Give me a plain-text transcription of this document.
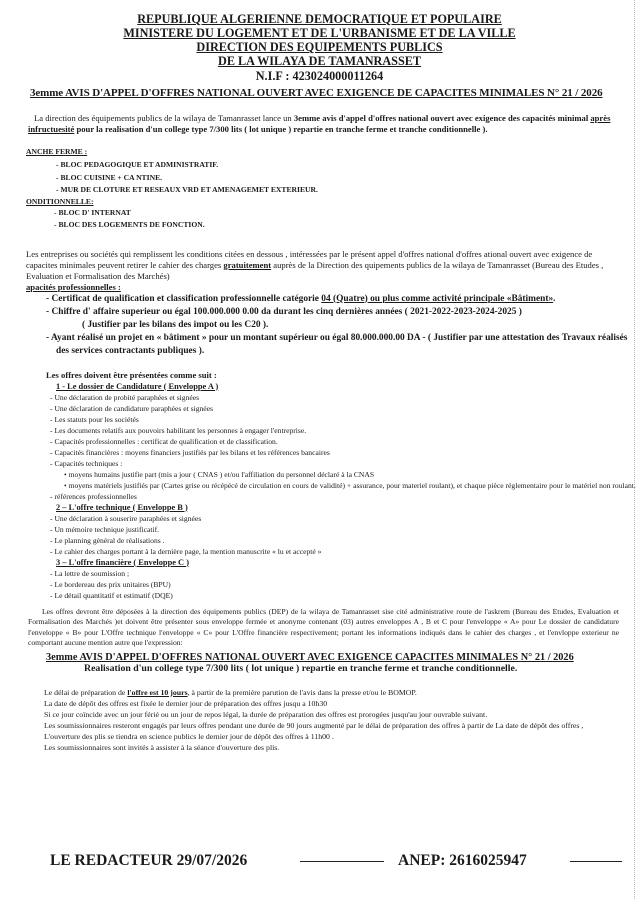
REPUBLIQUE ALGERIENNE DEMOCRATIQUE ET POPULAIRE
MINISTERE DU LOGEMENT ET DE L'URBANISME ET DE LA VILLE
DIRECTION DES EQUIPEMENTS PUBLICS
DE LA WILAYA DE TAMANRASSET
N.I.F : 423024000011264
3emme AVIS D'APPEL D'OFFRES NATIONAL OUVERT AVEC EXIGENCE DE CAPACITES MINIMALES N° 21 / 2026
La direction des équipements publics de la wilaya de Tamanrasset lance un 3emme avis d'appel d'offres national ouvert avec exigence des capacités minimal après infructuesité pour la realisation d'un college type 7/300 lits ( lot unique ) repartie en tranche ferme et tranche conditionnelle ).
ANCHE FERME :
- BLOC PEDAGOGIQUE ET ADMINISTRATIF.
- BLOC CUISINE + CA NTINE.
- MUR DE CLOTURE ET RESEAUX VRD ET AMENAGEMET EXTERIEUR.
ONDITIONNELLE:
- BLOC D' INTERNAT
- BLOC DES LOGEMENTS DE FONCTION.
Les entreprises ou sociétés qui remplissent les conditions citées en dessous , intéressées par le présent appel d'offres national d'offres ational ouvert avec exigence de capacites minimales peuvent retirer le cahier des charges gratuitement auprès de la Direction des quipements publics de la wilaya de Tamanrasset (Bureau des Etudes , Evaluation et Formalisation des Marchés)
apacités professionnelles :
- Certificat de qualification et classification professionnelle catégorie 04 (Quatre) ou plus comme activité principale «Bâtiment».
- Chiffre d' affaire superieur ou égal 100.000.000 0.00 da durant les cinq dernières années ( 2021-2022-2023-2024-2025 )
( Justifier par les bilans des impot ou les C20 ).
- Ayant réalisé un projet en « bâtiment » pour un montant supérieur ou égal 80.000.000.00 DA - ( Justifier par une attestation des Travaux réalisés des services contractants publiques ).
Les offres doivent être présentées comme suit :
1 - Le dossier de Candidature ( Enveloppe A )
- Une déclaration de probité paraphées et signées
- Une déclaration de candidature paraphées et signées
- Les statuts pour les sociétés
- Les documents relatifs aux pouvoirs habilitant les personnes à engager l'entreprise.
- Capacités professionnelles : certificat de qualification et de classification.
- Capacités financières : moyens financiers justifiés par les bilans et les références bancaires
- Capacités techniques :
• moyens humains justifie part (mis a jour ( CNAS ) et/ou l'affiliation du personnel déclaré à la CNAS
• moyens matériels justifiés par (Cartes grise ou récépécé de circulation en cours de validité) + assurance, pour materiel roulant), et chaque pièce réglementaire pour le matériel non roulant.
- références professionnelles
2 – L'offre technique ( Enveloppe B )
- Une déclaration à souserire paraphées et signées
- Un mémoire technique justificatif.
- Le planning général de réalisations .
- Le cahier des charges portant à la dernière page, la mention manuscrite « lu et accepté »
3 – L'offre financière ( Enveloppe C )
- La lettre de soumission ;
- Le bordereau des prix unitaires (BPU)
- Le détail quantitatif et estimatif (DQE)
Les offres devront être déposées à la direction des équipements publics (DEP) de la wilaya de Tamanrasset sise cité administrative route de l'askrem (Bureau des Etudes, Evaluation et Formalisation des Marchés )et doivent être présenter sous enveloppe fermée et anonyme contenant (03) autres enveloppes A , B et C pour l'enveloppe « A» pour Le dossier de candidature l'enveloppe « B» pour L'Offre technique l'enveloppe « C» pour L'Offre financière respectivement; portant les informations indiqués dans le cahier des charges , et l'envloppe exterieur ne comportant aucune mention autre que l'expression:
3emme AVIS D'APPEL D'OFFRES NATIONAL OUVERT AVEC EXIGENCE CAPACITES MINIMALES N° 21 / 2026
Realisation d'un college type 7/300 lits ( lot unique ) repartie en tranche ferme et tranche conditionnelle.

Le délai de préparation de l'offre est 10 jours, à partir de la première parution de l'avis dans la presse et/ou le BOMOP.

La date de dépôt des offres est fixée le dernier jour de préparation des offres jusqu a 10h30

Si ce jour coïncide avec un jour férié ou un jour de repos légal, la durée de préparation des offres est prorogées jusqu'au jour ouvrable suivant.

Les soumissionnaires resteront engagés par leurs offres pendant une durée de 90 jours augmenté par le délai de préparation des offres à partir de La date de dépôt des offres , L'ouverture des plis se tiendra en science publics le dernier jour de dépôt des offres à 11h00 .

Les soumissionnaires sont invités à assister à la séance d'ouverture des plis.

LE REDACTEUR 29/07/2026	ANEP: 2616025947
